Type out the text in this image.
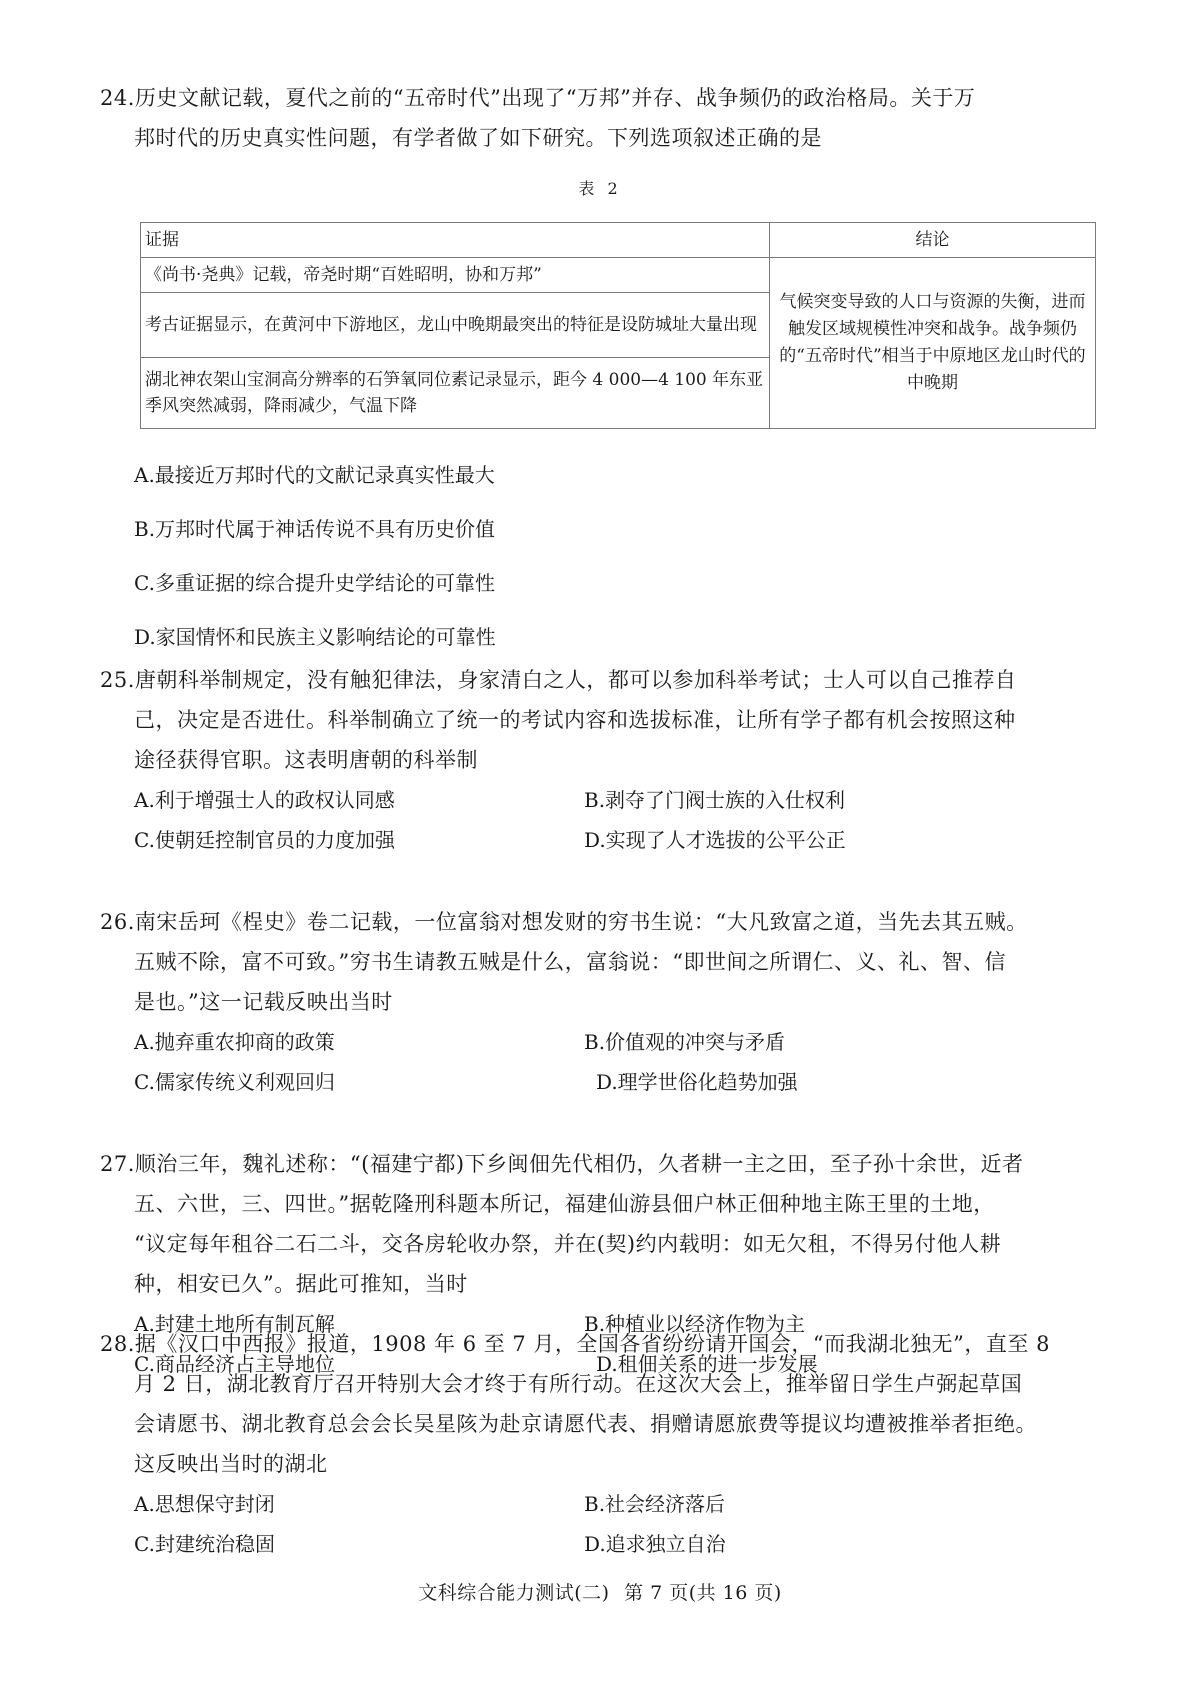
24.历史文献记载，夏代之前的“五帝时代”出现了“万邦”并存、战争频仍的政治格局。关于万
邦时代的历史真实性问题，有学者做了如下研究。下列选项叙述正确的是
表 2
证据	结论
《尚书·尧典》记载，帝尧时期“百姓昭明，协和万邦”	气候突变导致的人口与资源的失衡，进而触发区域规模性冲突和战争。战争频仍的“五帝时代”相当于中原地区龙山时代的中晚期
考古证据显示，在黄河中下游地区，龙山中晚期最突出的特征是设防城址大量出现	
湖北神农架山宝洞高分辨率的石笋氧同位素记录显示，距今 4 000—4 100 年东亚季风突然减弱，降雨减少，气温下降	
A.最接近万邦时代的文献记录真实性最大
B.万邦时代属于神话传说不具有历史价值
C.多重证据的综合提升史学结论的可靠性
D.家国情怀和民族主义影响结论的可靠性
25.唐朝科举制规定，没有触犯律法，身家清白之人，都可以参加科举考试；士人可以自己推荐自
己，决定是否进仕。科举制确立了统一的考试内容和选拔标准，让所有学子都有机会按照这种
途径获得官职。这表明唐朝的科举制
A.利于增强士人的政权认同感	B.剥夺了门阀士族的入仕权利
C.使朝廷控制官员的力度加强	D.实现了人才选拔的公平公正
26.南宋岳珂《桯史》卷二记载，一位富翁对想发财的穷书生说：“大凡致富之道，当先去其五贼。
五贼不除，富不可致。”穷书生请教五贼是什么，富翁说：“即世间之所谓仁、义、礼、智、信
是也。”这一记载反映出当时
A.抛弃重农抑商的政策	B.价值观的冲突与矛盾
C.儒家传统义利观回归	D.理学世俗化趋势加强
27.顺治三年，魏礼述称：“(福建宁都)下乡闽佃先代相仍，久者耕一主之田，至子孙十余世，近者
五、六世，三、四世。”据乾隆刑科题本所记，福建仙游县佃户林正佃种地主陈王里的土地，
“议定每年租谷二石二斗，交各房轮收办祭，并在(契)约内载明：如无欠租，不得另付他人耕
种，相安已久”。据此可推知，当时
A.封建土地所有制瓦解	B.种植业以经济作物为主
C.商品经济占主导地位	D.租佃关系的进一步发展
28.据《汉口中西报》报道，1908 年 6 至 7 月，全国各省纷纷请开国会，“而我湖北独无”，直至 8
月 2 日，湖北教育厅召开特别大会才终于有所行动。在这次大会上，推举留日学生卢弼起草国
会请愿书、湖北教育总会会长吴星陔为赴京请愿代表、捐赠请愿旅费等提议均遭被推举者拒绝。
这反映出当时的湖北
A.思想保守封闭	B.社会经济落后
C.封建统治稳固	D.追求独立自治
文科综合能力测试(二) 第 7 页(共 16 页)
